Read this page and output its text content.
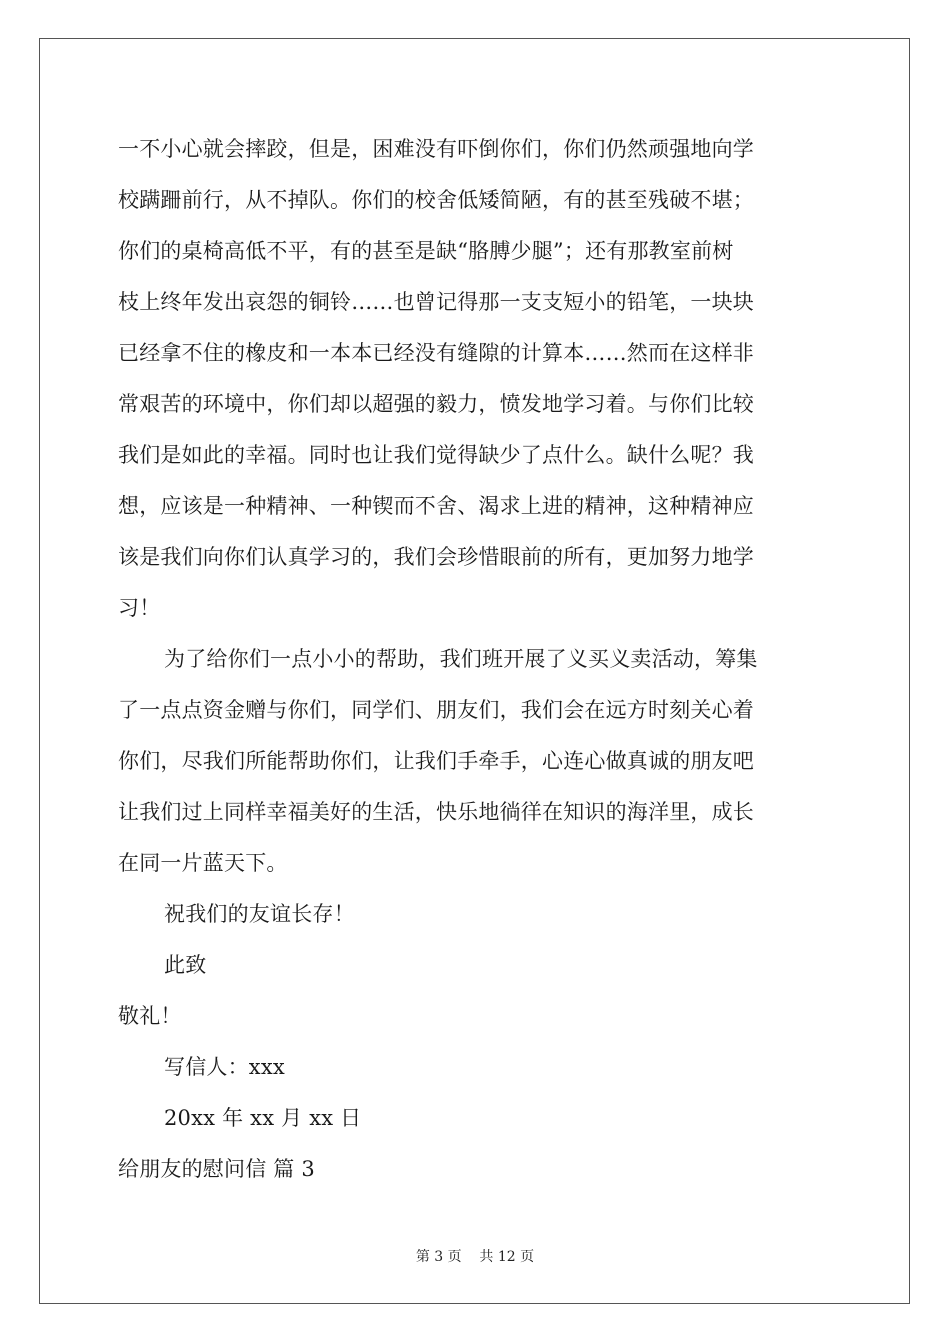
一不小心就会摔跤，但是，困难没有吓倒你们，你们仍然顽强地向学
校蹒跚前行，从不掉队。你们的校舍低矮简陋，有的甚至残破不堪；
你们的桌椅高低不平，有的甚至是缺“胳膊少腿”；还有那教室前树
枝上终年发出哀怨的铜铃……也曾记得那一支支短小的铅笔，一块块
已经拿不住的橡皮和一本本已经没有缝隙的计算本……然而在这样非
常艰苦的环境中，你们却以超强的毅力，愤发地学习着。与你们比较
我们是如此的幸福。同时也让我们觉得缺少了点什么。缺什么呢？我
想，应该是一种精神、一种锲而不舍、渴求上进的精神，这种精神应
该是我们向你们认真学习的，我们会珍惜眼前的所有，更加努力地学
习！
为了给你们一点小小的帮助，我们班开展了义买义卖活动，筹集
了一点点资金赠与你们，同学们、朋友们，我们会在远方时刻关心着
你们，尽我们所能帮助你们，让我们手牵手，心连心做真诚的朋友吧
让我们过上同样幸福美好的生活，快乐地徜徉在知识的海洋里，成长
在同一片蓝天下。
祝我们的友谊长存！
此致
敬礼！
写信人：xxx
20xx 年 xx 月 xx 日
给朋友的慰问信 篇 3
第 3 页    共 12 页
